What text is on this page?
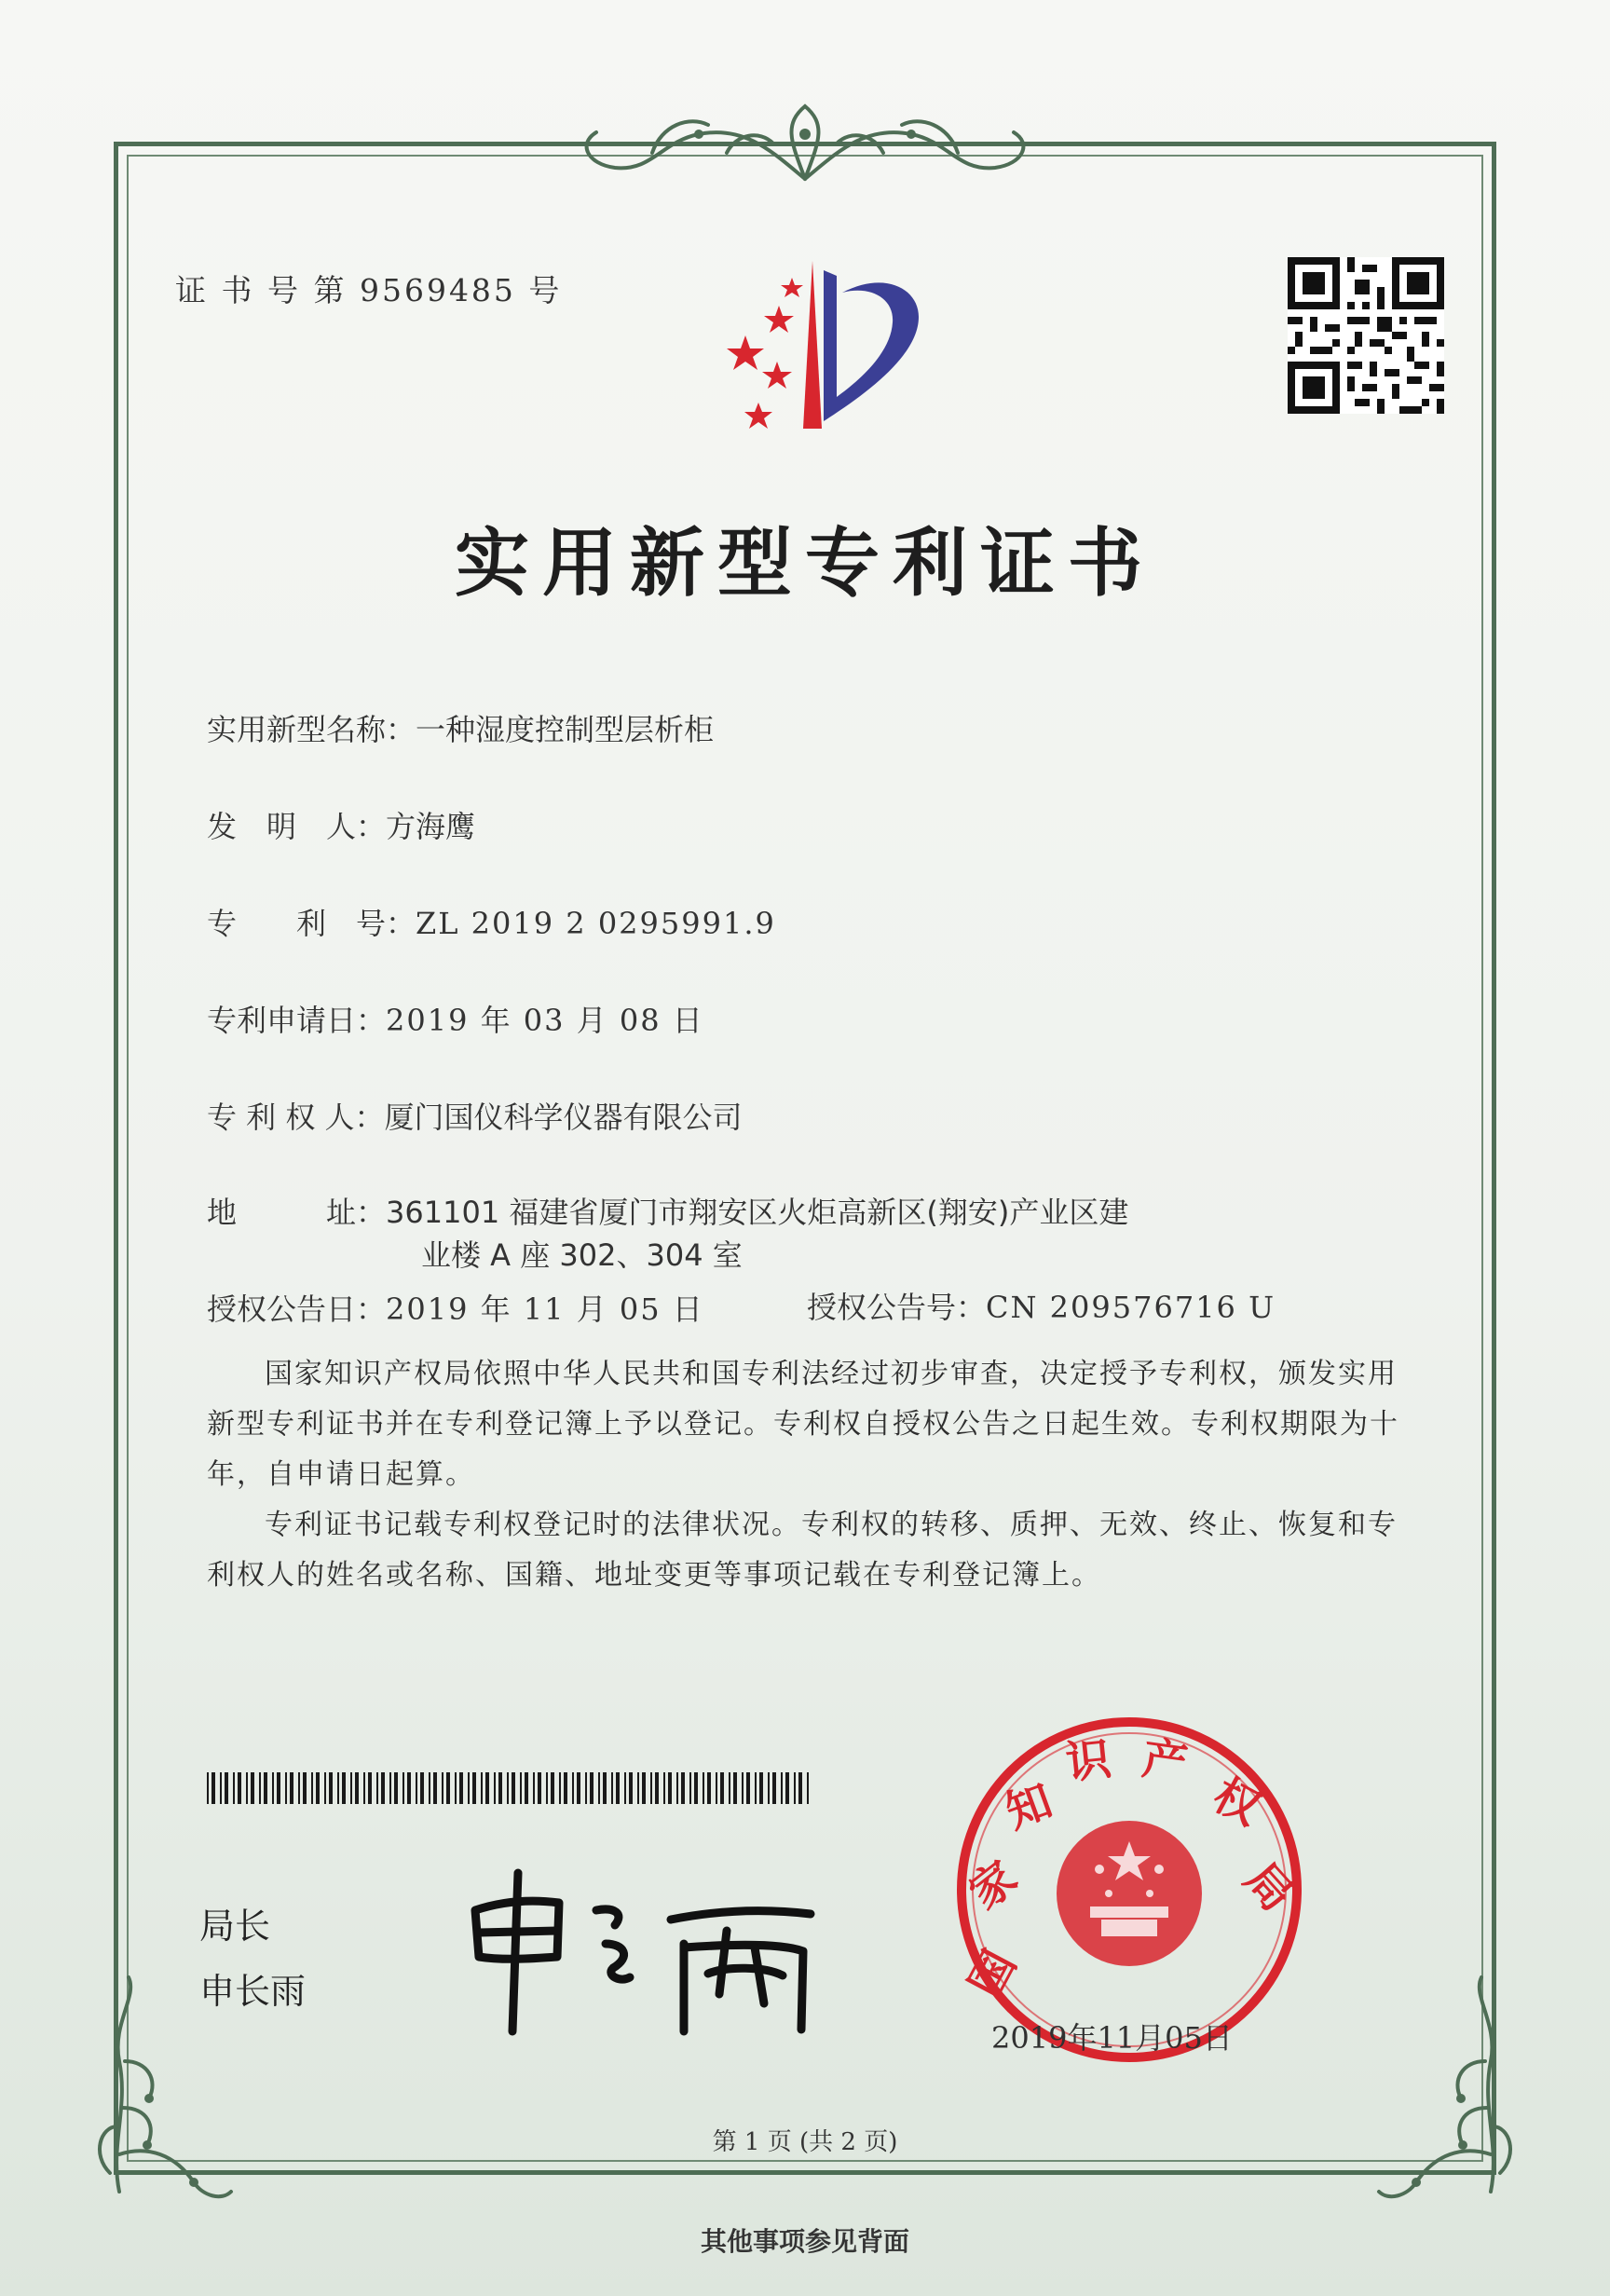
证 书 号 第 9569485 号
实用新型专利证书
实用新型名称：一种湿度控制型层析柜
发　明　人：方海鹰
专　　利　号：ZL 2019 2 0295991.9
专利申请日：2019 年 03 月 08 日
专 利 权 人：厦门国仪科学仪器有限公司
地　　　址：361101 福建省厦门市翔安区火炬高新区(翔安)产业区建
业楼 A 座 302、304 室
授权公告日：2019 年 11 月 05 日	授权公告号：CN 209576716 U
国家知识产权局依照中华人民共和国专利法经过初步审查，决定授予专利权，颁发实用新型专利证书并在专利登记簿上予以登记。专利权自授权公告之日起生效。专利权期限为十年，自申请日起算。
专利证书记载专利权登记时的法律状况。专利权的转移、质押、无效、终止、恢复和专利权人的姓名或名称、国籍、地址变更等事项记载在专利登记簿上。
局长
申长雨	国
家
知
识 产
权
局
2019年11月05日
第 1 页 (共 2 页)
其他事项参见背面
